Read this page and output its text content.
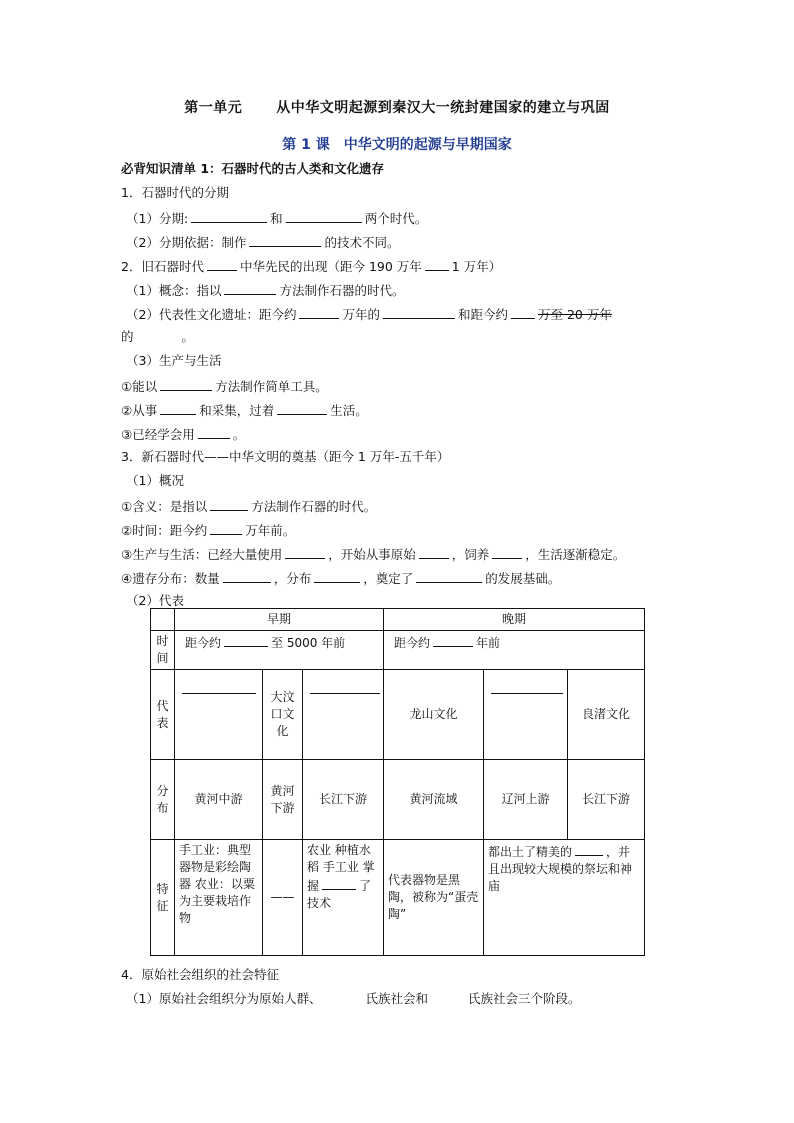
第一单元 从中华文明起源到秦汉大一统封建国家的建立与巩固
第 1 课 中华文明的起源与早期国家
必背知识清单 1：石器时代的古人类和文化遗存
1．石器时代的分期
（1）分期:	和	两个时代。
（2）分期依据：制作	的技术不同。
2．旧石器时代	中华先民的出现（距今 190 万年 1 万年）
（1）概念：指以	方法制作石器的时代。
（2）代表性文化遗址：距今约	万年的	和距今约 万至 20 万年
的	。
（3）生产与生活
①能以	方法制作简单工具。
②从事	和采集，过着	生活。
③已经学会用	。
3．新石器时代——中华文明的奠基（距今 1 万年-五千年）
（1）概况
①含义：是指以	方法制作石器的时代。
②时间：距今约	万年前。
③生产与生活：已经大量使用	，开始从事原始	，饲养	，生活逐渐稳定。
④遗存分布：数量	，分布	，奠定了	的发展基础。
（2）代表
	早期			晚期		
时间	距今约 至 5000 年前			距今约 年前		
代表		大汶口文化		龙山文化		良渚文化
分布	黄河中游	黄河下游	长江下游	黄河流域	辽河上游	长江下游
特征	手工业：典型器物是彩绘陶器 农业：以粟为主要栽培作物	——	农业 种植水稻 手工业 掌握 了技术	代表器物是黑陶，被称为“蛋壳陶”	都出土了精美的 ，并且出现较大规模的祭坛和神庙	
4．原始社会组织的社会特征
（1）原始社会组织分为原始人群、	氏族社会和	氏族社会三个阶段。
